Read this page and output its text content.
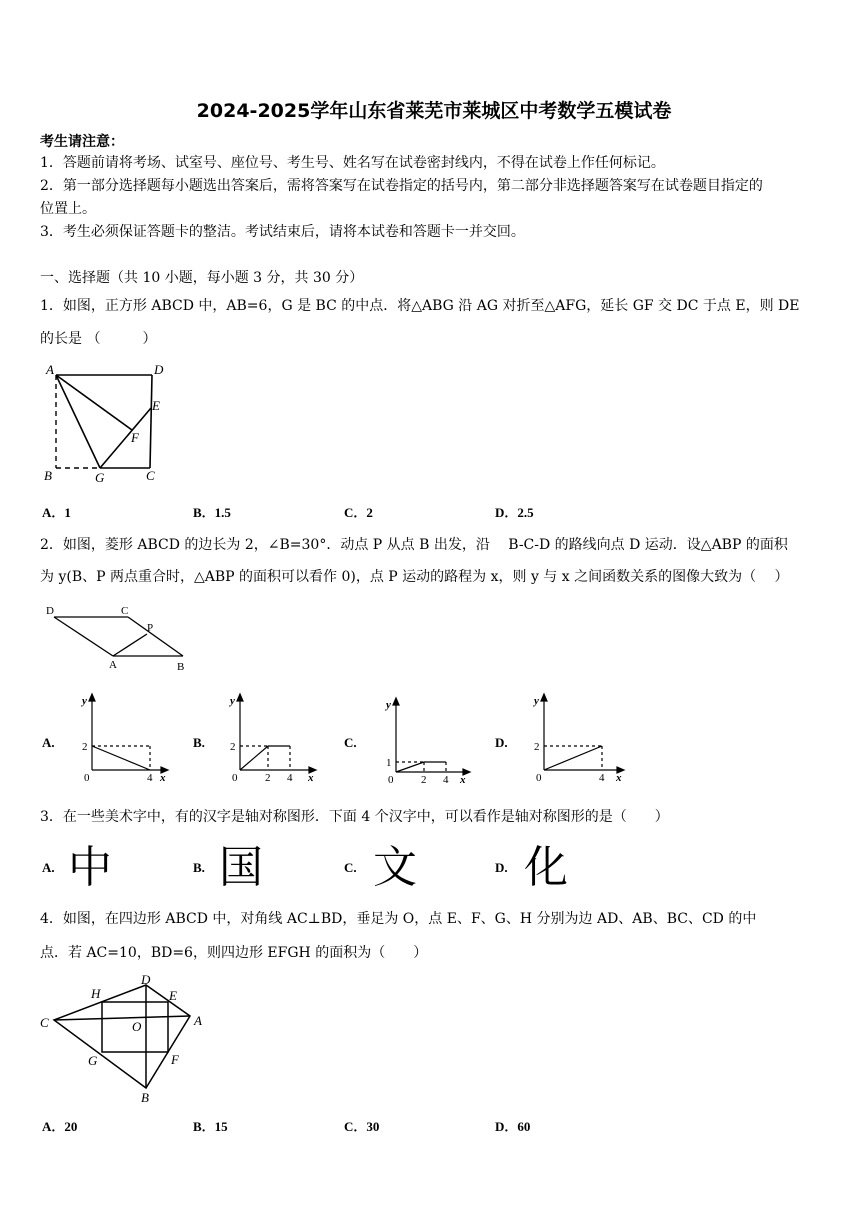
2024-2025学年山东省莱芜市莱城区中考数学五模试卷
考生请注意：
1．答题前请将考场、试室号、座位号、考生号、姓名写在试卷密封线内，不得在试卷上作任何标记。
2．第一部分选择题每小题选出答案后，需将答案写在试卷指定的括号内，第二部分非选择题答案写在试卷题目指定的
位置上。
3．考生必须保证答题卡的整洁。考试结束后，请将本试卷和答题卡一并交回。
一、选择题（共 10 小题，每小题 3 分，共 30 分）
1．如图，正方形 ABCD 中，AB=6，G 是 BC 的中点．将△ABG 沿 AG 对折至△AFG，延长 GF 交 DC 于点 E，则 DE
的长是 （　　　）
A	D
E
F
B	G	C
A．1	B．1.5	C．2	D．2.5
2．如图，菱形 ABCD 的边长为 2，∠B=30°．动点 P 从点 B 出发，沿　 B-C-D 的路线向点 D 运动．设△ABP 的面积
为 y(B、P 两点重合时，△ABP 的面积可以看作 0)，点 P 运动的路程为 x，则 y 与 x 之间函数关系的图像大致为（　 ）
D	C
P
A	B
A.
y
2
0	4 x
B.
y
2
0	2 4 x
C.
y
1
0	2 4 x
D.
y
2
0	4 x
3．在一些美术字中，有的汉字是轴对称图形．下面 4 个汉字中，可以看作是轴对称图形的是（　　）
A. 中	B. 国	C. 文	D. 化
4．如图，在四边形 ABCD 中，对角线 AC⊥BD，垂足为 O，点 E、F、G、H 分别为边 AD、AB、BC、CD 的中
点．若 AC=10，BD=6，则四边形 EFGH 的面积为（　　）
H
D
E
C	O	A
G	F
B
A．20	B．15	C．30	D．60
